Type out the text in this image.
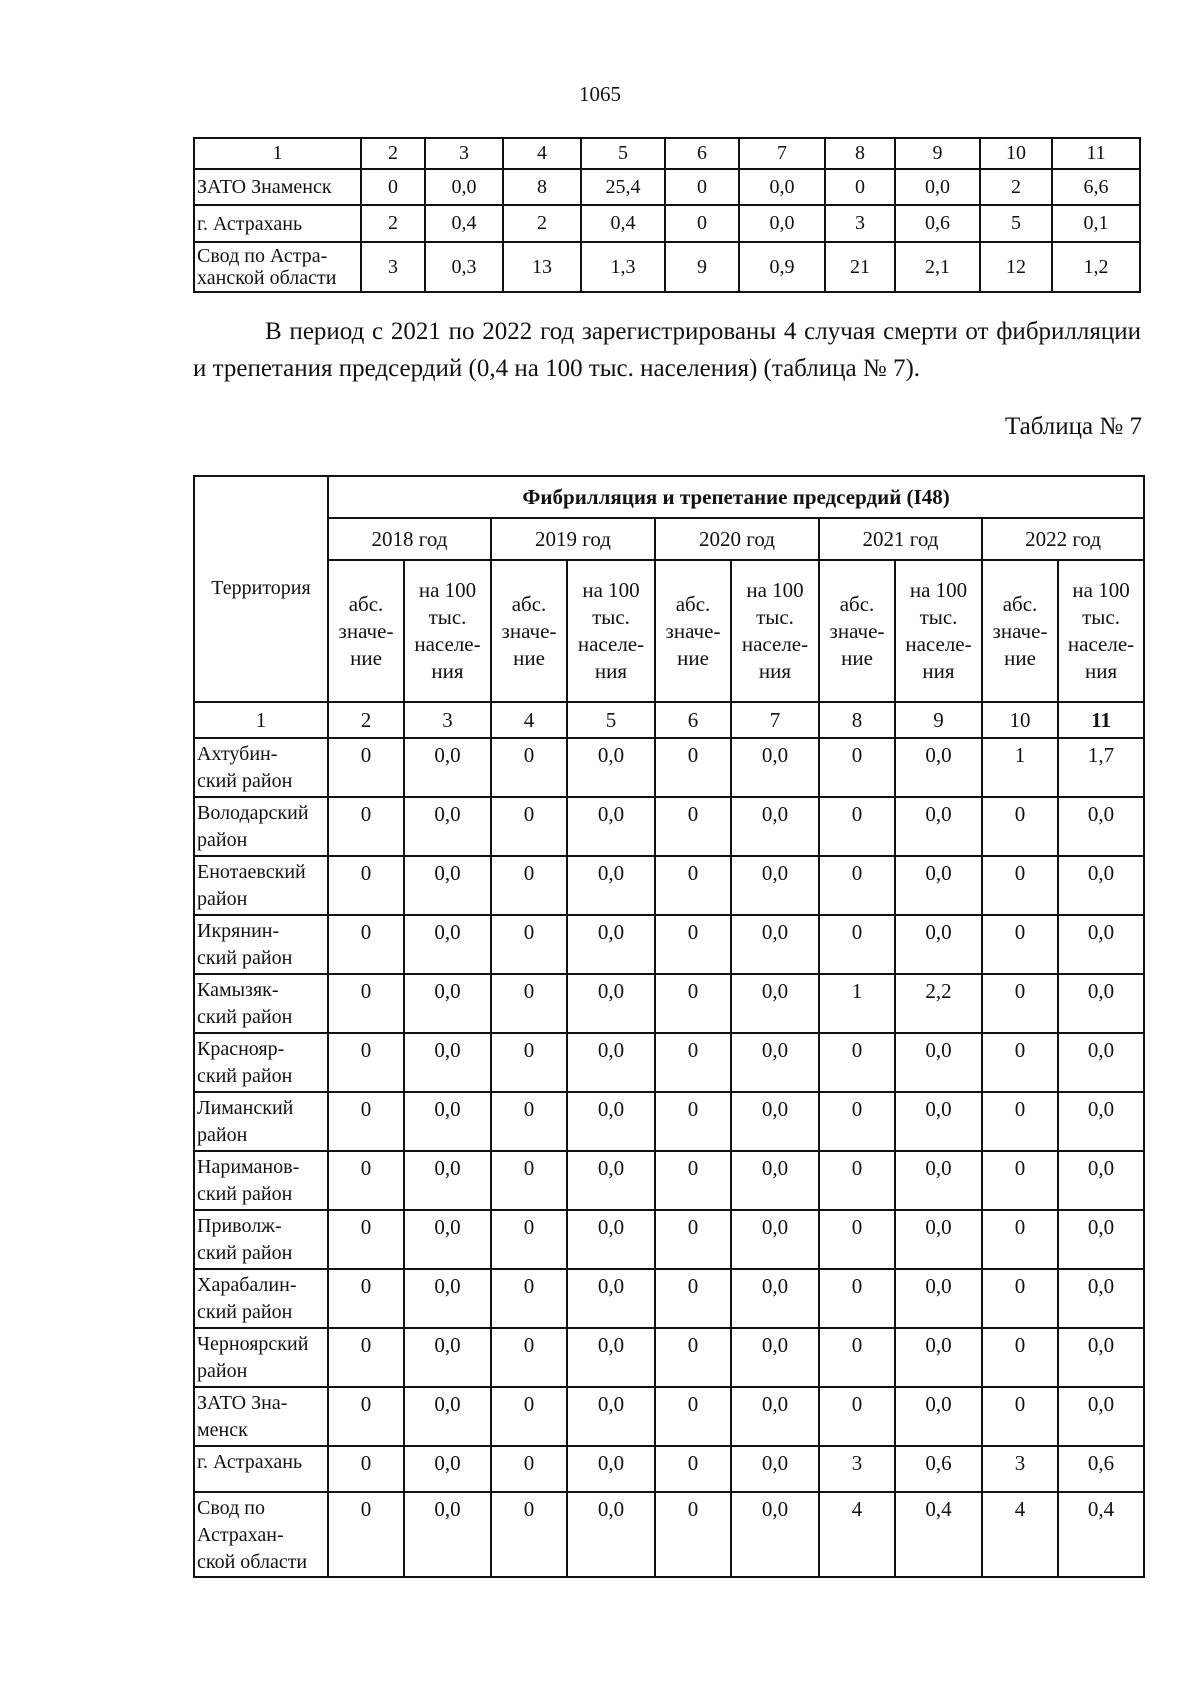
1065
1	2	3	4	5	6	7	8	9	10	11
ЗАТО Знаменск	0	0,0	8	25,4	0	0,0	0	0,0	2	6,6
г. Астрахань	2	0,4	2	0,4	0	0,0	3	0,6	5	0,1
Свод по Астра-
ханской области	3	0,3	13	1,3	9	0,9	21	2,1	12	1,2

В период с 2021 по 2022 год зарегистрированы 4 случая смерти от фибрилляции и трепетания предсердий (0,4 на 100 тыс. населения) (таблица № 7).

Таблица № 7
Территория	Фибрилляция и трепетание предсердий (I48)									
	2018 год		2019 год		2020 год		2021 год		2022 год	
	абс.
значе-
ние	на 100
тыс.
населе-
ния	абс.
значе-
ние	на 100
тыс.
населе-
ния	абс.
значе-
ние	на 100
тыс.
населе-
ния	абс.
значе-
ние	на 100
тыс.
населе-
ния	абс.
значе-
ние	на 100
тыс.
населе-
ния
1	2	3	4	5	6	7	8	9	10	11
Ахтубин-
ский район	0	0,0	0	0,0	0	0,0	0	0,0	1	1,7
Володарский
район	0	0,0	0	0,0	0	0,0	0	0,0	0	0,0
Енотаевский
район	0	0,0	0	0,0	0	0,0	0	0,0	0	0,0
Икрянин-
ский район	0	0,0	0	0,0	0	0,0	0	0,0	0	0,0
Камызяк-
ский район	0	0,0	0	0,0	0	0,0	1	2,2	0	0,0
Краснояр-
ский район	0	0,0	0	0,0	0	0,0	0	0,0	0	0,0
Лиманский
район	0	0,0	0	0,0	0	0,0	0	0,0	0	0,0
Нариманов-
ский район	0	0,0	0	0,0	0	0,0	0	0,0	0	0,0
Приволж-
ский район	0	0,0	0	0,0	0	0,0	0	0,0	0	0,0
Харабалин-
ский район	0	0,0	0	0,0	0	0,0	0	0,0	0	0,0
Черноярский
район	0	0,0	0	0,0	0	0,0	0	0,0	0	0,0
ЗАТО Зна-
менск	0	0,0	0	0,0	0	0,0	0	0,0	0	0,0
г. Астрахань	0	0,0	0	0,0	0	0,0	3	0,6	3	0,6
Свод по
Астрахан-
ской области	0	0,0	0	0,0	0	0,0	4	0,4	4	0,4
